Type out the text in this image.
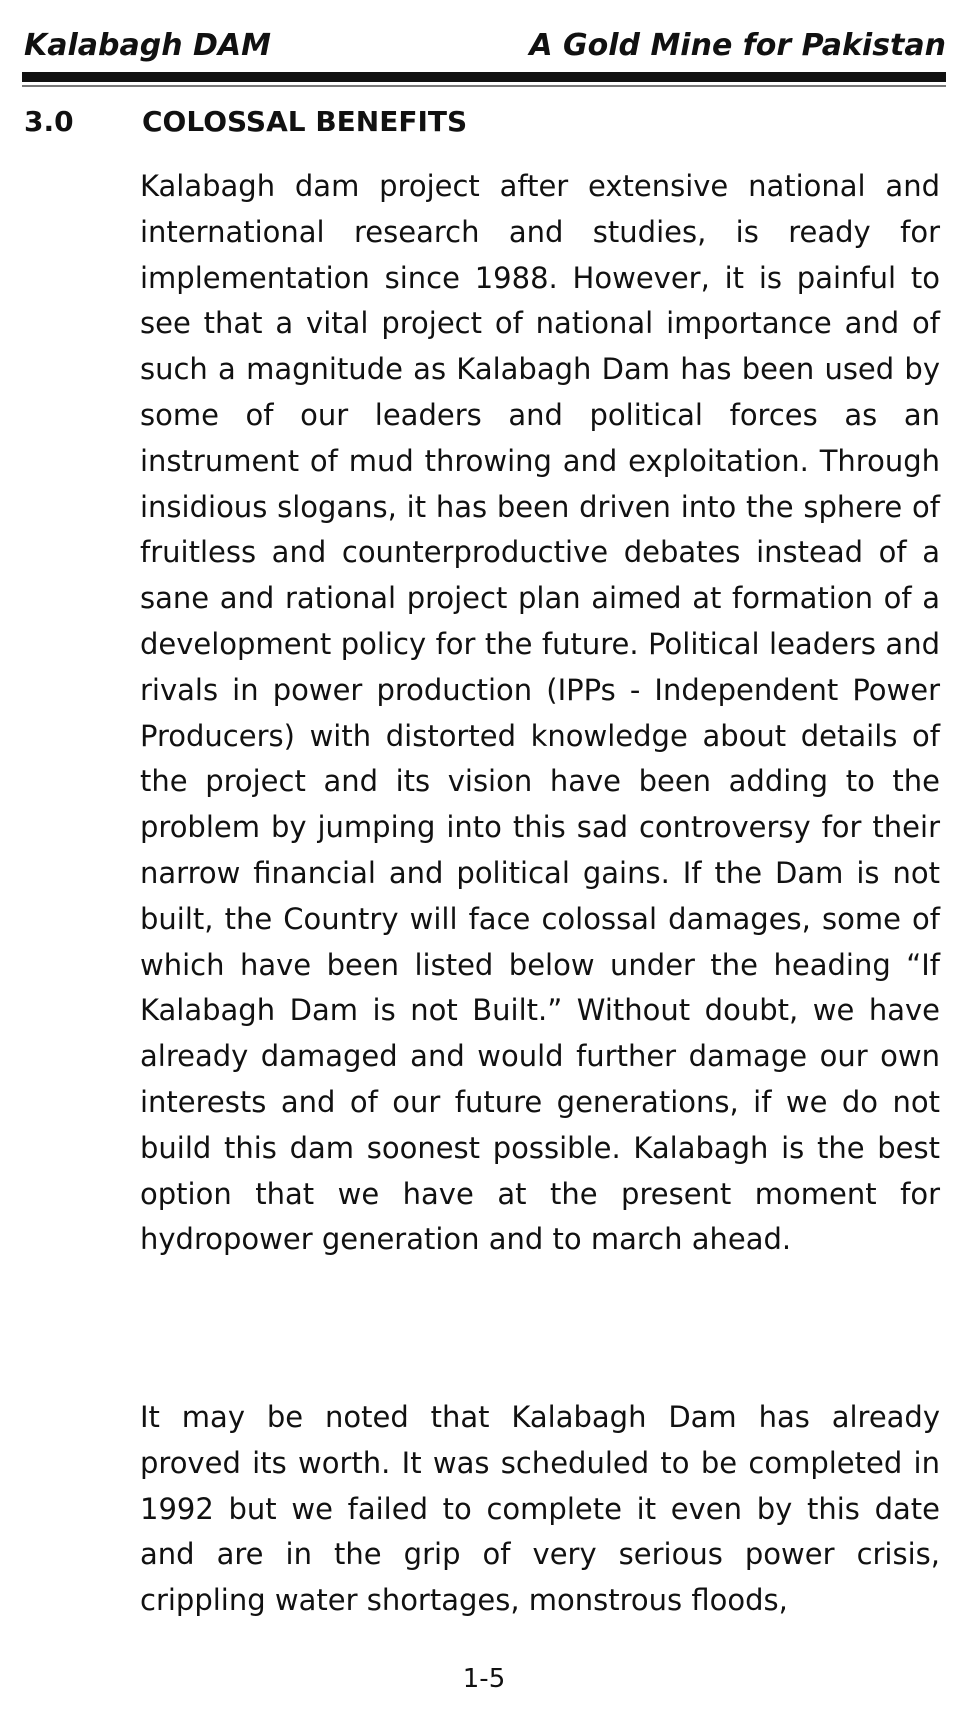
Kalabagh DAM	A Gold Mine for Pakistan
3.0 COLOSSAL BENEFITS

Kalabagh dam project after extensive national and international research and studies, is ready for implementation since 1988. However, it is painful to see that a vital project of national importance and of such a magnitude as Kalabagh Dam has been used by some of our leaders and political forces as an instrument of mud throwing and exploitation. Through insidious slogans, it has been driven into the sphere of fruitless and counterproductive debates instead of a sane and rational project plan aimed at formation of a development policy for the future. Political leaders and rivals in power production (IPPs - Independent Power Producers) with distorted knowledge about details of the project and its vision have been adding to the problem by jumping into this sad controversy for their narrow financial and political gains. If the Dam is not built, the Country will face colossal damages, some of which have been listed below under the heading “If Kalabagh Dam is not Built.” Without doubt, we have already damaged and would further damage our own interests and of our future generations, if we do not build this dam soonest possible. Kalabagh is the best option that we have at the present moment for hydropower generation and to march ahead.

It may be noted that Kalabagh Dam has already proved its worth. It was scheduled to be completed in 1992 but we failed to complete it even by this date and are in the grip of very serious power crisis, crippling water shortages, monstrous floods,

1-5
